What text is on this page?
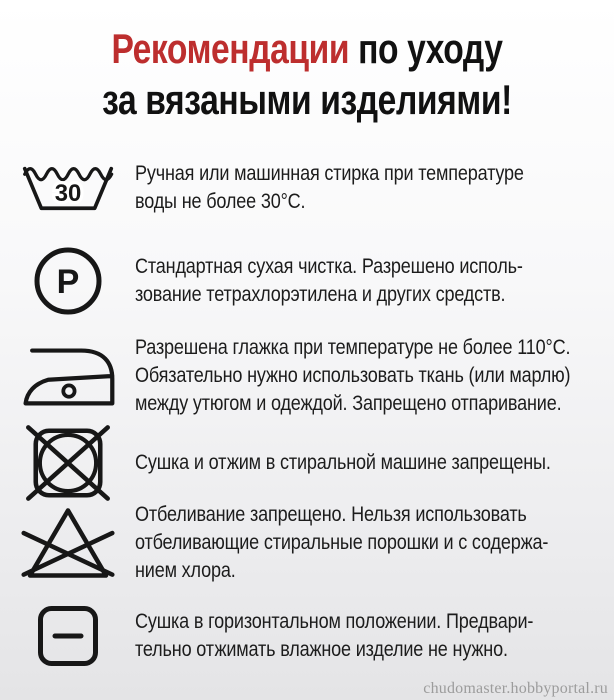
Рекомендации по уходу
за вязаными изделиями!
30
Ручная или машинная стирка при температуре
воды не более 30°С.
P	Стандартная сухая чистка. Разрешено исполь-
зование тетрахлорэтилена и других средств.
Разрешена глажка при температуре не более 110°С.
Обязательно нужно использовать ткань (или марлю)
между утюгом и одеждой. Запрещено отпаривание.
Сушка и отжим в стиральной машине запрещены.
Отбеливание запрещено. Нельзя использовать
отбеливающие стиральные порошки и с содержа-
нием хлора.
Сушка в горизонтальном положении. Предвари-
тельно отжимать влажное изделие не нужно.
chudomaster.hobbyportal.ru
